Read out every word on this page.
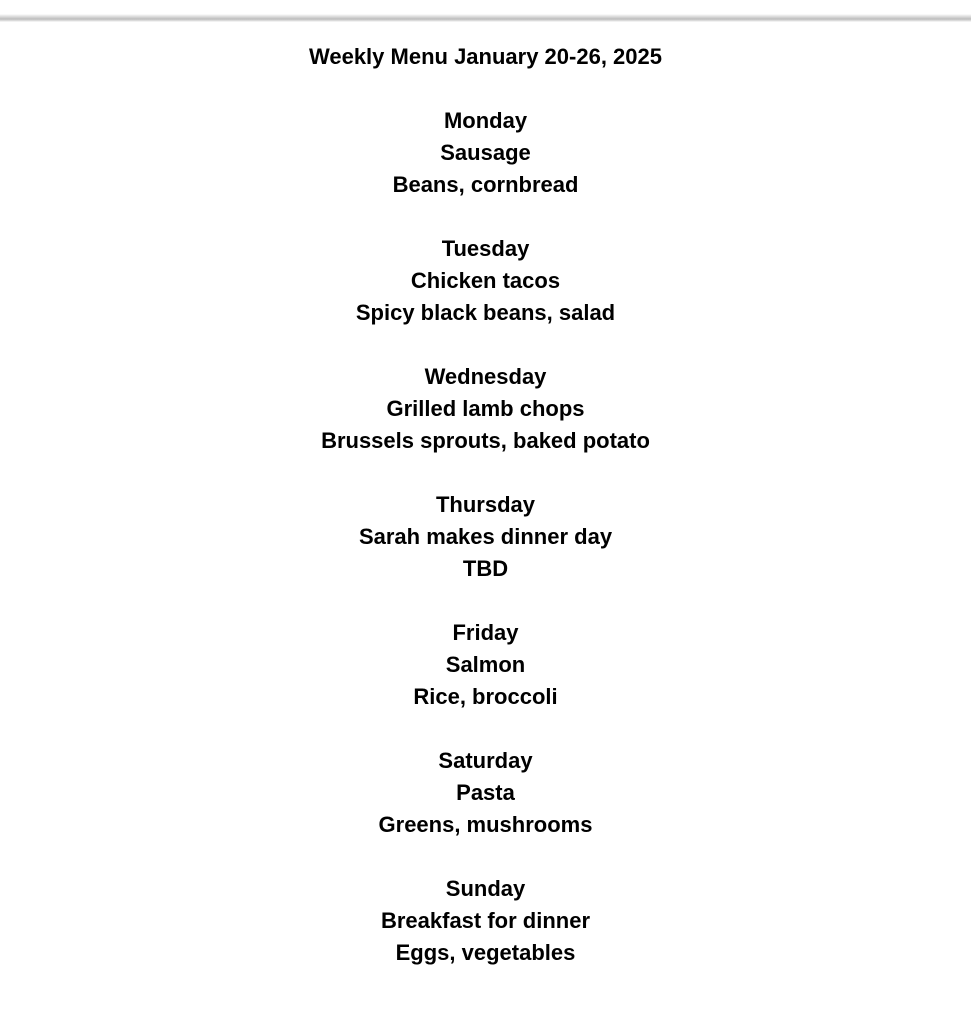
Weekly Menu January 20-26, 2025
Monday
Sausage
Beans, cornbread
Tuesday
Chicken tacos
Spicy black beans, salad
Wednesday
Grilled lamb chops
Brussels sprouts, baked potato
Thursday
Sarah makes dinner day
TBD
Friday
Salmon
Rice, broccoli
Saturday
Pasta
Greens, mushrooms
Sunday
Breakfast for dinner
Eggs, vegetables
